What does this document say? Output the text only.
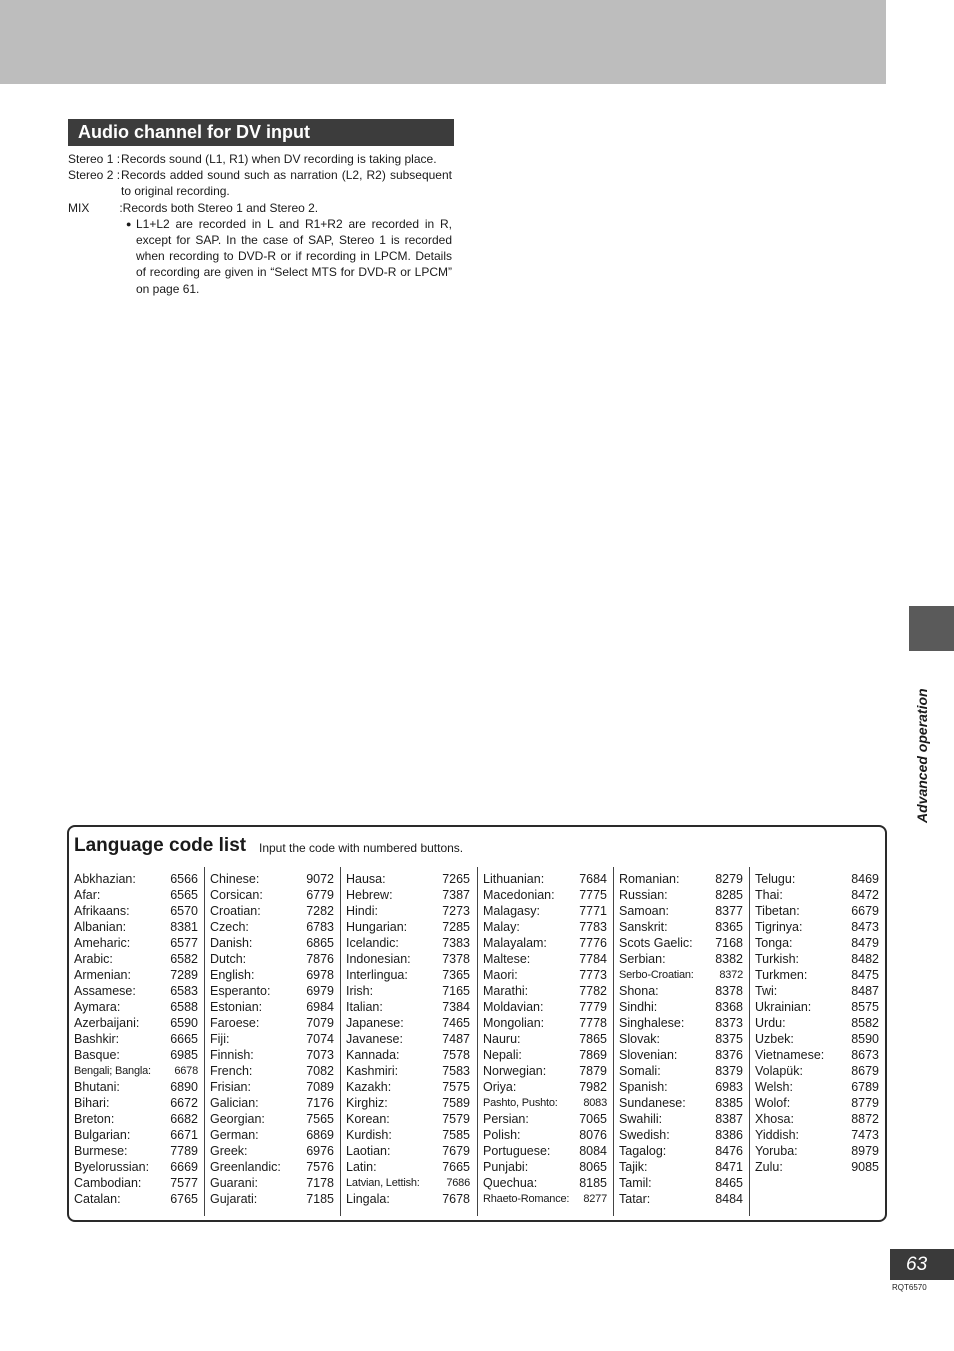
Audio channel for DV input
Stereo 1 : Records sound (L1, R1) when DV recording is taking place.
Stereo 2 : Records added sound such as narration (L2, R2) subsequent to original recording.
MIX	:Records both Stereo 1 and Stereo 2.
● L1+L2 are recorded in L and R1+R2 are recorded in R, except for SAP. In the case of SAP, Stereo 1 is recorded when recording to DVD-R or if recording in LPCM. Details of recording are given in “Select MTS for DVD-R or LPCM” on page 61.
Advanced operation
Language code list Input the code with numbered buttons.
Abkhazian:	6566
Afar:	6565
Afrikaans:	6570
Albanian:	8381
Ameharic:	6577
Arabic:	6582
Armenian:	7289
Assamese:	6583
Aymara:	6588
Azerbaijani:	6590
Bashkir:	6665
Basque:	6985
Bengali; Bangla:	6678
Bhutani:	6890
Bihari:	6672
Breton:	6682
Bulgarian:	6671
Burmese:	7789
Byelorussian:	6669
Cambodian:	7577
Catalan:	6765
Chinese:	9072
Corsican:	6779
Croatian:	7282
Czech:	6783
Danish:	6865
Dutch:	7876
English:	6978
Esperanto:	6979
Estonian:	6984
Faroese:	7079
Fiji:	7074
Finnish:	7073
French:	7082
Frisian:	7089
Galician:	7176
Georgian:	7565
German:	6869
Greek:	6976
Greenlandic:	7576
Guarani:	7178
Gujarati:	7185
Hausa:	7265
Hebrew:	7387
Hindi:	7273
Hungarian:	7285
Icelandic:	7383
Indonesian:	7378
Interlingua:	7365
Irish:	7165
Italian:	7384
Japanese:	7465
Javanese:	7487
Kannada:	7578
Kashmiri:	7583
Kazakh:	7575
Kirghiz:	7589
Korean:	7579
Kurdish:	7585
Laotian:	7679
Latin:	7665
Latvian, Lettish:	7686
Lingala:	7678
Lithuanian:	7684
Macedonian:	7775
Malagasy:	7771
Malay:	7783
Malayalam:	7776
Maltese:	7784
Maori:	7773
Marathi:	7782
Moldavian:	7779
Mongolian:	7778
Nauru:	7865
Nepali:	7869
Norwegian:	7879
Oriya:	7982
Pashto, Pushto:	8083
Persian:	7065
Polish:	8076
Portuguese:	8084
Punjabi:	8065
Quechua:	8185
Rhaeto-Romance:	8277
Romanian:	8279
Russian:	8285
Samoan:	8377
Sanskrit:	8365
Scots Gaelic:	7168
Serbian:	8382
Serbo-Croatian:	8372
Shona:	8378
Sindhi:	8368
Singhalese:	8373
Slovak:	8375
Slovenian:	8376
Somali:	8379
Spanish:	6983
Sundanese:	8385
Swahili:	8387
Swedish:	8386
Tagalog:	8476
Tajik:	8471
Tamil:	8465
Tatar:	8484
Telugu:	8469
Thai:	8472
Tibetan:	6679
Tigrinya:	8473
Tonga:	8479
Turkish:	8482
Turkmen:	8475
Twi:	8487
Ukrainian:	8575
Urdu:	8582
Uzbek:	8590
Vietnamese:	8673
Volapük:	8679
Welsh:	6789
Wolof:	8779
Xhosa:	8872
Yiddish:	7473
Yoruba:	8979
Zulu:	9085
63
RQT6570
